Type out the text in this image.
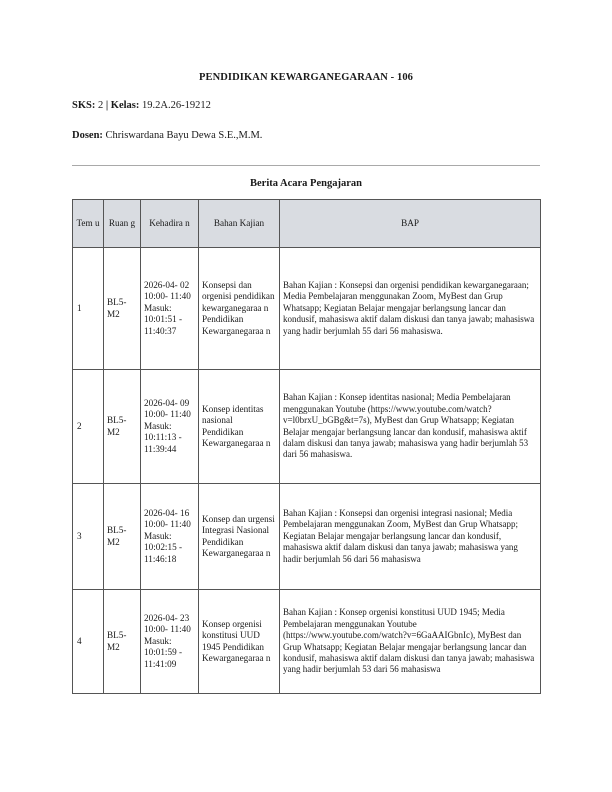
PENDIDIKAN KEWARGANEGARAAN - 106
SKS: 2 | Kelas: 19.2A.26-19212
Dosen: Chriswardana Bayu Dewa S.E.,M.M.
Berita Acara Pengajaran
Tem u	Ruan g	Kehadira n	Bahan Kajian	BAP
1	BL5- M2	2026-04- 02 10:00- 11:40 Masuk: 10:01:51 - 11:40:37	Konsepsi dan orgenisi pendidikan kewarganegaraa n Pendidikan Kewarganegaraa n	Bahan Kajian : Konsepsi dan orgenisi pendidikan kewarganegaraan; Media Pembelajaran menggunakan Zoom, MyBest dan Grup Whatsapp; Kegiatan Belajar mengajar berlangsung lancar dan kondusif, mahasiswa aktif dalam diskusi dan tanya jawab; mahasiswa yang hadir berjumlah 55 dari 56 mahasiswa.
2	BL5- M2	2026-04- 09 10:00- 11:40 Masuk: 10:11:13 - 11:39:44	Konsep identitas nasional Pendidikan Kewarganegaraa n	Bahan Kajian : Konsep identitas nasional; Media Pembelajaran menggunakan Youtube (https://www.youtube.com/watch?v=l0brxU_bGBg&t=7s), MyBest dan Grup Whatsapp; Kegiatan Belajar mengajar berlangsung lancar dan kondusif, mahasiswa aktif dalam diskusi dan tanya jawab; mahasiswa yang hadir berjumlah 53 dari 56 mahasiswa.
3	BL5- M2	2026-04- 16 10:00- 11:40 Masuk: 10:02:15 - 11:46:18	Konsep dan urgensi Integrasi Nasional Pendidikan Kewarganegaraa n	Bahan Kajian : Konsepsi dan orgenisi integrasi nasional; Media Pembelajaran menggunakan Zoom, MyBest dan Grup Whatsapp; Kegiatan Belajar mengajar berlangsung lancar dan kondusif, mahasiswa aktif dalam diskusi dan tanya jawab; mahasiswa yang hadir berjumlah 56 dari 56 mahasiswa
4	BL5- M2	2026-04- 23 10:00- 11:40 Masuk: 10:01:59 - 11:41:09	Konsep orgenisi konstitusi UUD 1945 Pendidikan Kewarganegaraa n	Bahan Kajian : Konsep orgenisi konstitusi UUD 1945; Media Pembelajaran menggunakan Youtube (https://www.youtube.com/watch?v=6GaAAIGbnIc), MyBest dan Grup Whatsapp; Kegiatan Belajar mengajar berlangsung lancar dan kondusif, mahasiswa aktif dalam diskusi dan tanya jawab; mahasiswa yang hadir berjumlah 53 dari 56 mahasiswa
